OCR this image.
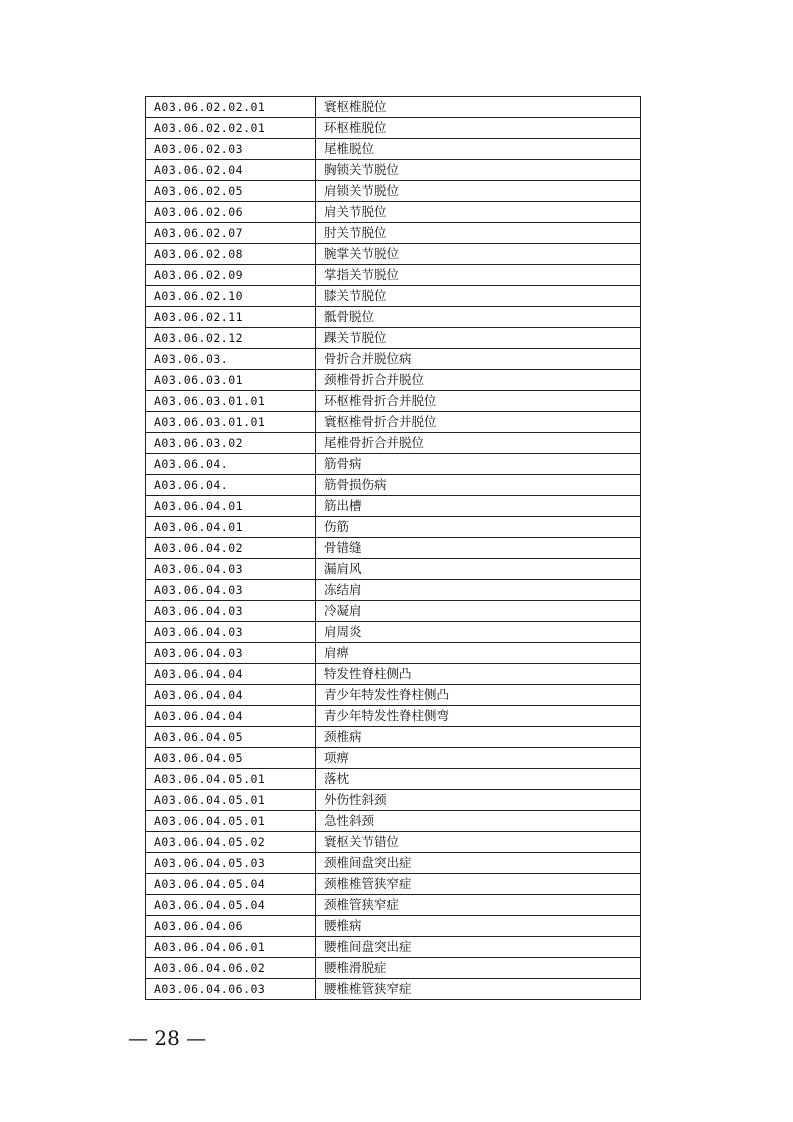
A03.06.02.02.01	寰枢椎脱位
A03.06.02.02.01	环枢椎脱位
A03.06.02.03	尾椎脱位
A03.06.02.04	胸锁关节脱位
A03.06.02.05	肩锁关节脱位
A03.06.02.06	肩关节脱位
A03.06.02.07	肘关节脱位
A03.06.02.08	腕掌关节脱位
A03.06.02.09	掌指关节脱位
A03.06.02.10	膝关节脱位
A03.06.02.11	骶骨脱位
A03.06.02.12	踝关节脱位
A03.06.03.	骨折合并脱位病
A03.06.03.01	颈椎骨折合并脱位
A03.06.03.01.01	环枢椎骨折合并脱位
A03.06.03.01.01	寰枢椎骨折合并脱位
A03.06.03.02	尾椎骨折合并脱位
A03.06.04.	筋骨病
A03.06.04.	筋骨损伤病
A03.06.04.01	筋出槽
A03.06.04.01	伤筋
A03.06.04.02	骨错缝
A03.06.04.03	漏肩风
A03.06.04.03	冻结肩
A03.06.04.03	冷凝肩
A03.06.04.03	肩周炎
A03.06.04.03	肩痹
A03.06.04.04	特发性脊柱侧凸
A03.06.04.04	青少年特发性脊柱侧凸
A03.06.04.04	青少年特发性脊柱侧弯
A03.06.04.05	颈椎病
A03.06.04.05	项痹
A03.06.04.05.01	落枕
A03.06.04.05.01	外伤性斜颈
A03.06.04.05.01	急性斜颈
A03.06.04.05.02	寰枢关节错位
A03.06.04.05.03	颈椎间盘突出症
A03.06.04.05.04	颈椎椎管狭窄症
A03.06.04.05.04	颈椎管狭窄症
A03.06.04.06	腰椎病
A03.06.04.06.01	腰椎间盘突出症
A03.06.04.06.02	腰椎滑脱症
A03.06.04.06.03	腰椎椎管狭窄症
— 28 —
